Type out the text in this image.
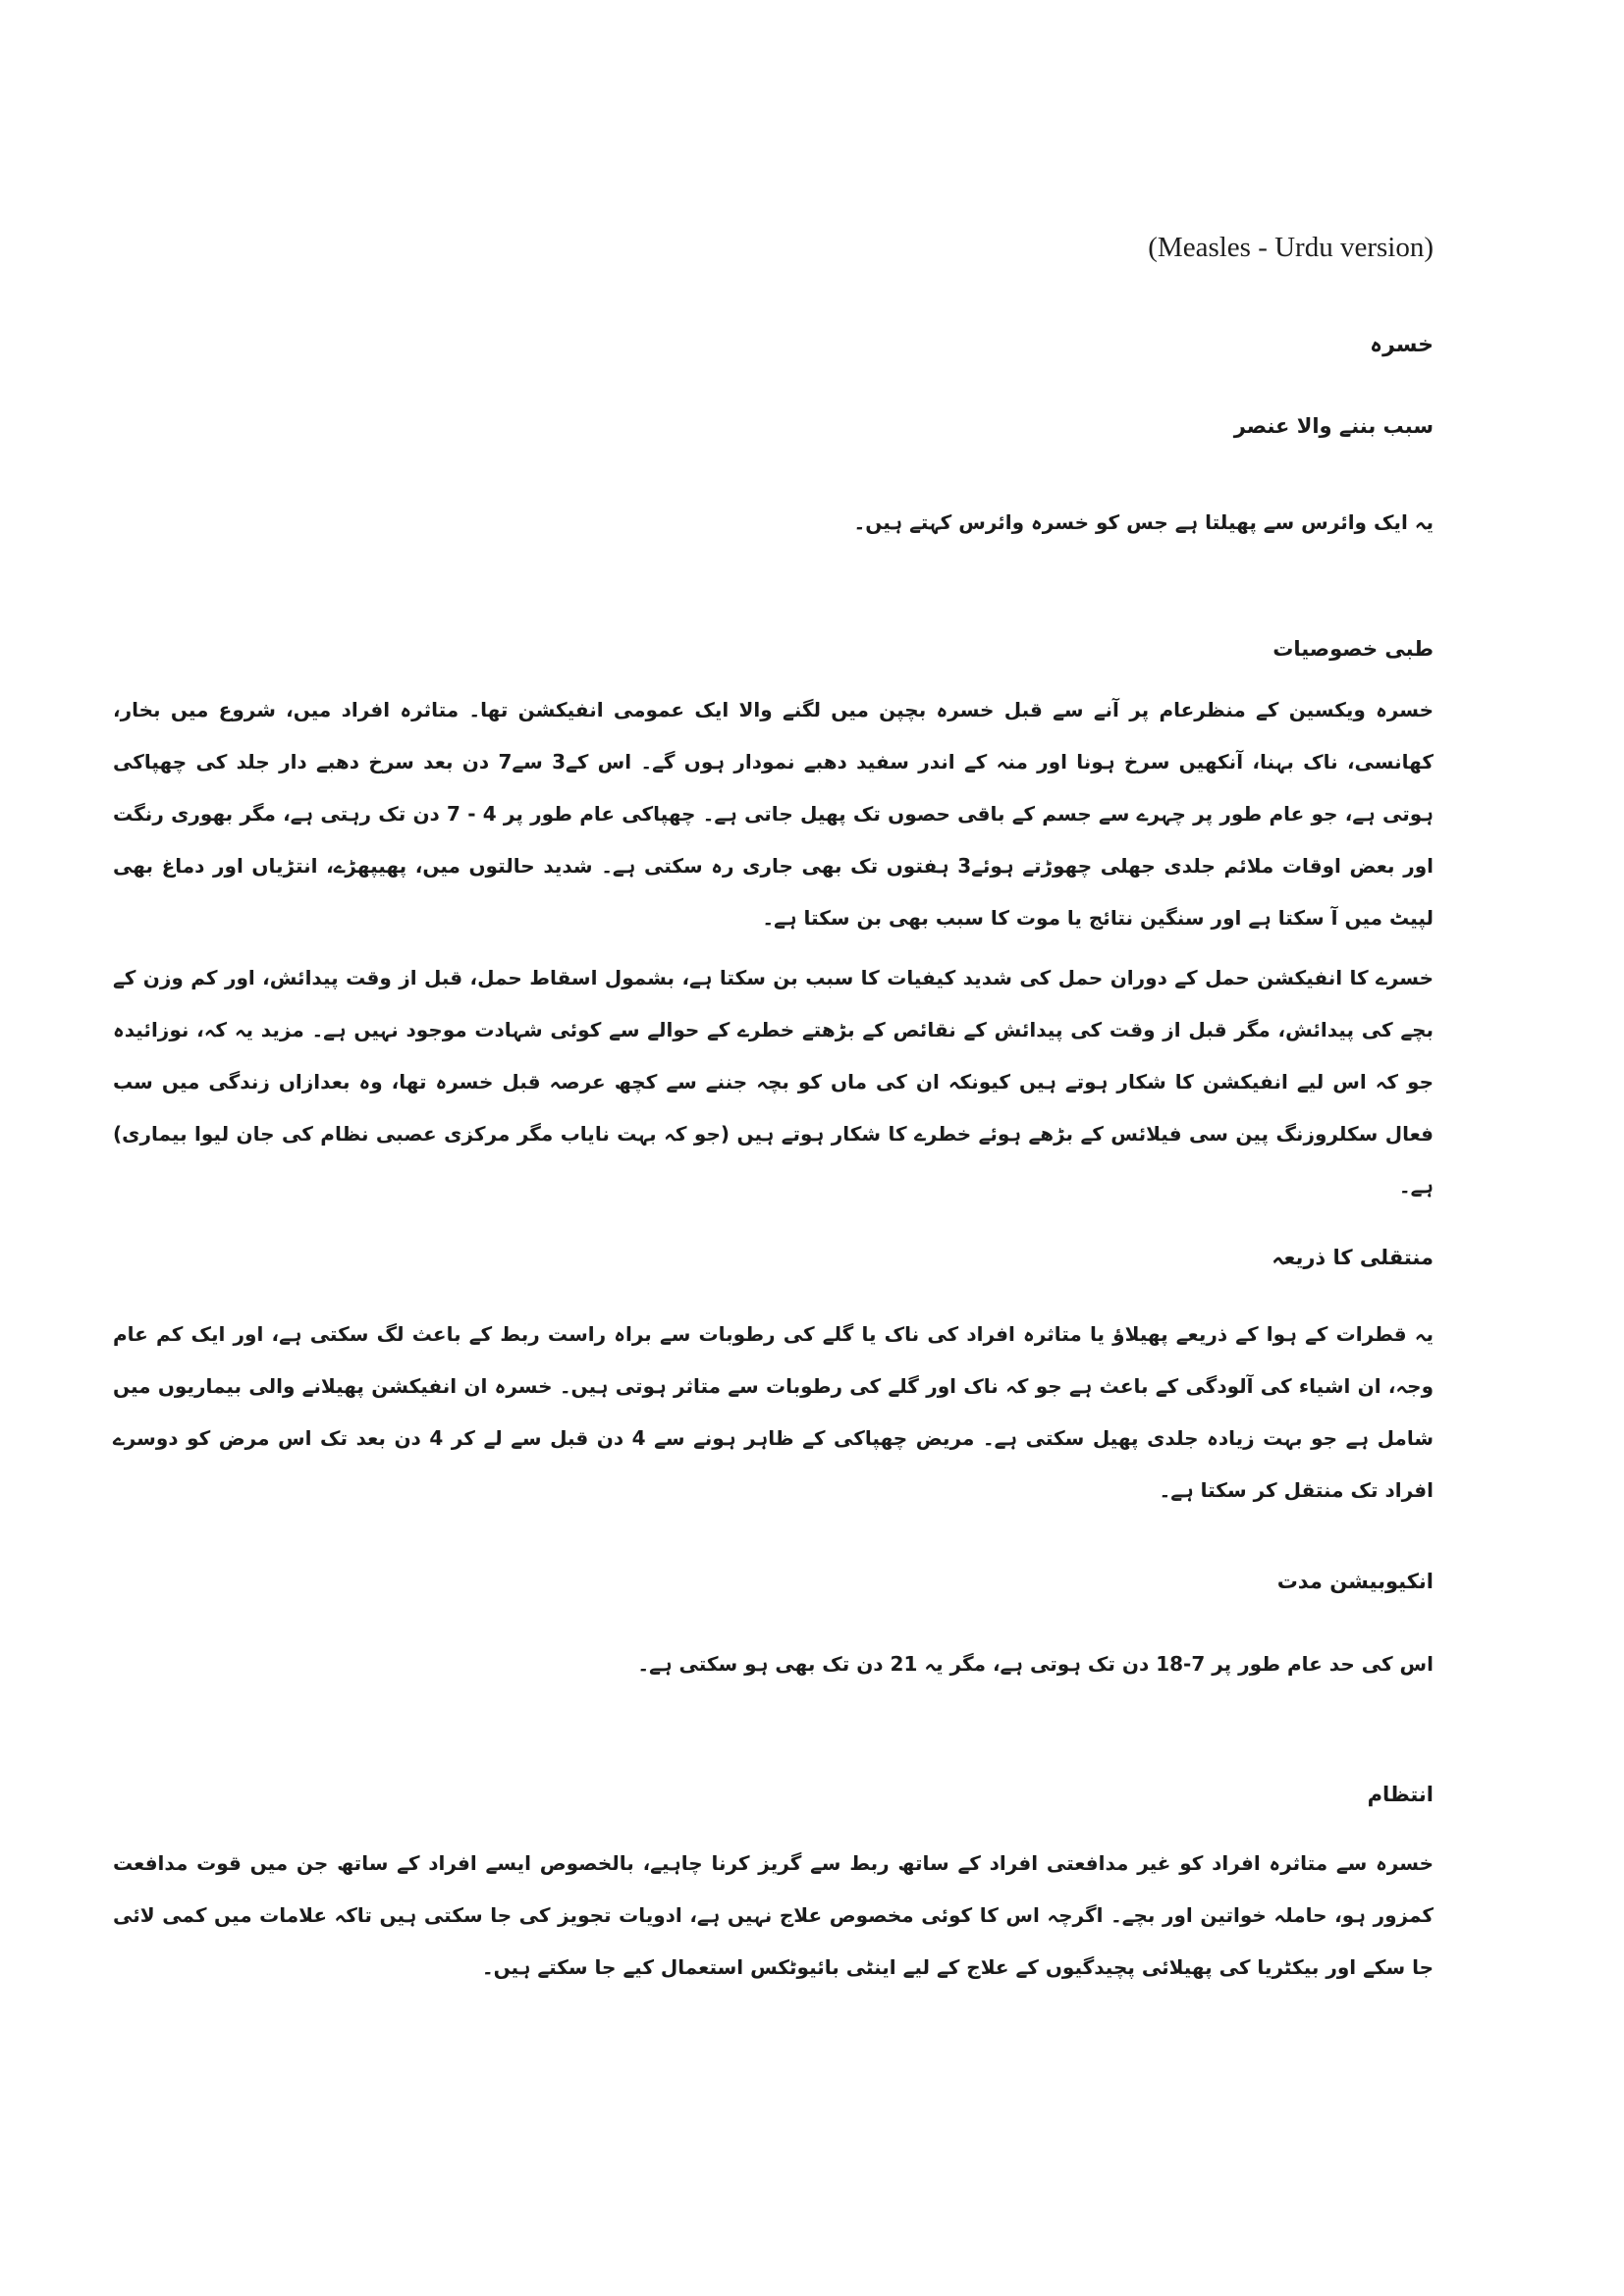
(Measles - Urdu version)

خسرہ
سبب بننے والا عنصر

یہ ایک وائرس سے پھیلتا ہے جس کو خسرہ وائرس کہتے ہیں۔

طبی خصوصیات

خسرہ ویکسین کے منظرعام پر آنے سے قبل خسرہ بچپن میں لگنے والا ایک عمومی انفیکشن تھا۔ متاثرہ افراد میں، شروع میں بخار، کھانسی، ناک بہنا، آنکھیں سرخ ہونا اور منہ کے اندر سفید دھبے نمودار ہوں گے۔ اس کے3 سے7 دن بعد سرخ دھبے دار جلد کی چھپاکی ہوتی ہے، جو عام طور پر چہرے سے جسم کے باقی حصوں تک پھیل جاتی ہے۔ چھپاکی عام طور پر 4 - 7 دن تک رہتی ہے، مگر بھوری رنگت اور بعض اوقات ملائم جلدی جھلی چھوڑتے ہوئے3 ہفتوں تک بھی جاری رہ سکتی ہے۔ شدید حالتوں میں، پھیپھڑے، انتڑیاں اور دماغ بھی لپیٹ میں آ سکتا ہے اور سنگین نتائج یا موت کا سبب بھی بن سکتا ہے۔

خسرے کا انفیکشن حمل کے دوران حمل کی شدید کیفیات کا سبب بن سکتا ہے، بشمول اسقاط حمل، قبل از وقت پیدائش، اور کم وزن کے بچے کی پیدائش، مگر قبل از وقت کی پیدائش کے نقائص کے بڑھتے خطرے کے حوالے سے کوئی شہادت موجود نہیں ہے۔ مزید یہ کہ، نوزائیدہ جو کہ اس لیے انفیکشن کا شکار ہوتے ہیں کیونکہ ان کی ماں کو بچہ جننے سے کچھ عرصہ قبل خسرہ تھا، وہ بعدازاں زندگی میں سب فعال سکلروزنگ پین سی فیلائس کے بڑھے ہوئے خطرے کا شکار ہوتے ہیں (جو کہ بہت نایاب مگر مرکزی عصبی نظام کی جان لیوا بیماری) ہے۔

منتقلی کا ذریعہ

یہ قطرات کے ہوا کے ذریعے پھیلاؤ یا متاثرہ افراد کی ناک یا گلے کی رطوبات سے براہ راست ربط کے باعث لگ سکتی ہے، اور ایک کم عام وجہ، ان اشیاء کی آلودگی کے باعث ہے جو کہ ناک اور گلے کی رطوبات سے متاثر ہوتی ہیں۔ خسرہ ان انفیکشن پھیلانے والی بیماریوں میں شامل ہے جو بہت زیادہ جلدی پھیل سکتی ہے۔ مریض چھپاکی کے ظاہر ہونے سے 4 دن قبل سے لے کر 4 دن بعد تک اس مرض کو دوسرے افراد تک منتقل کر سکتا ہے۔

انکیوبیشن مدت

اس کی حد عام طور پر 7-18 دن تک ہوتی ہے، مگر یہ 21 دن تک بھی ہو سکتی ہے۔

انتظام

خسرہ سے متاثرہ افراد کو غیر مدافعتی افراد کے ساتھ ربط سے گریز کرنا چاہیے، بالخصوص ایسے افراد کے ساتھ جن میں قوت مدافعت کمزور ہو، حاملہ خواتین اور بچے۔ اگرچہ اس کا کوئی مخصوص علاج نہیں ہے، ادویات تجویز کی جا سکتی ہیں تاکہ علامات میں کمی لائی جا سکے اور بیکٹریا کی پھیلائی پچیدگیوں کے علاج کے لیے اینٹی بائیوٹکس استعمال کیے جا سکتے ہیں۔
